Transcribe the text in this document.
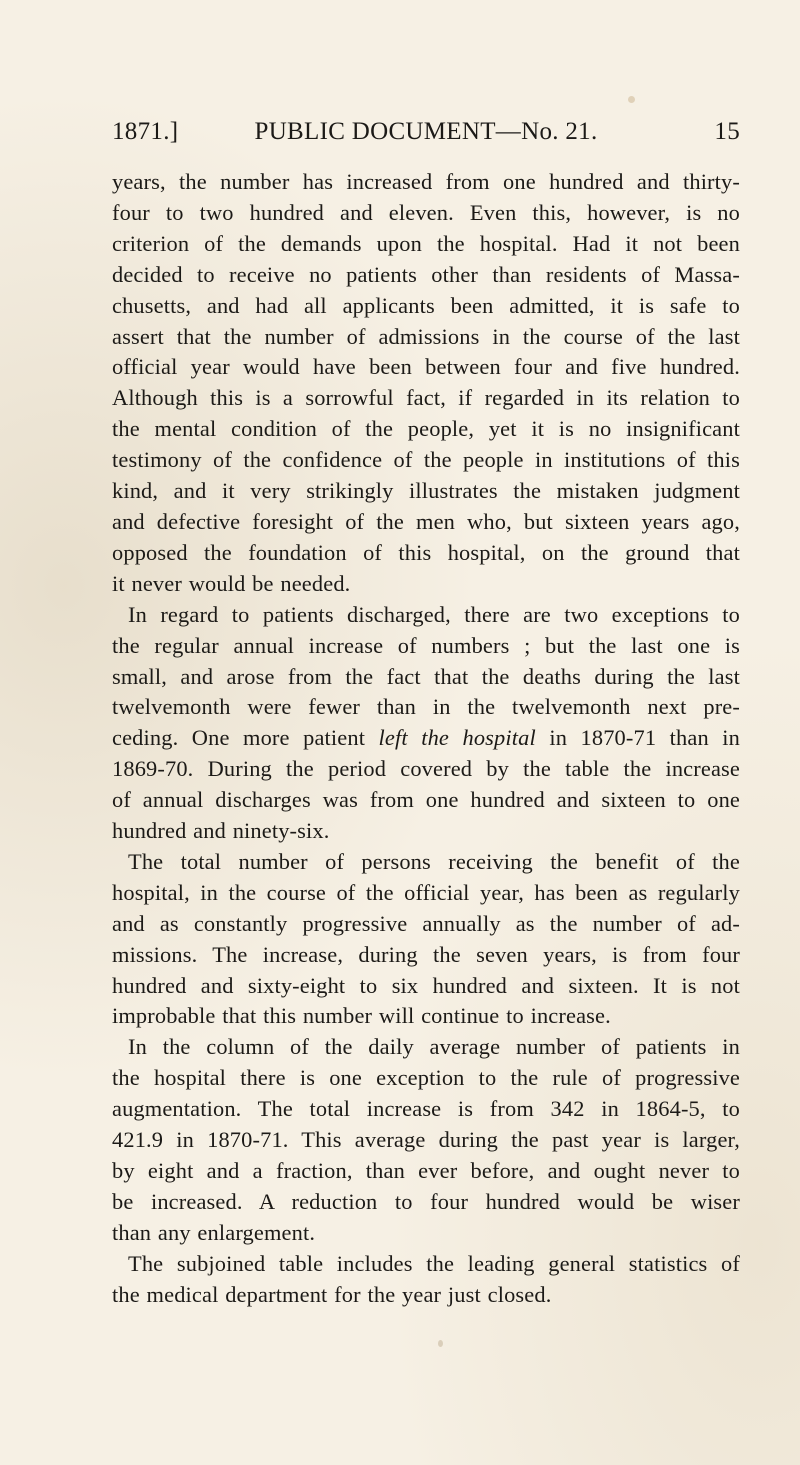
1871.]	PUBLIC DOCUMENT—No. 21.	15

years, the number has increased from one hundred and thirty-
four to two hundred and eleven. Even this, however, is no
criterion of the demands upon the hospital. Had it not been
decided to receive no patients other than residents of Massa-
chusetts, and had all applicants been admitted, it is safe to
assert that the number of admissions in the course of the last
official year would have been between four and five hundred.
Although this is a sorrowful fact, if regarded in its relation to
the mental condition of the people, yet it is no insignificant
testimony of the confidence of the people in institutions of this
kind, and it very strikingly illustrates the mistaken judgment
and defective foresight of the men who, but sixteen years ago,
opposed the foundation of this hospital, on the ground that
it never would be needed.

In regard to patients discharged, there are two exceptions to
the regular annual increase of numbers ; but the last one is
small, and arose from the fact that the deaths during the last
twelvemonth were fewer than in the twelvemonth next pre-
ceding. One more patient left the hospital in 1870-71 than in
1869-70. During the period covered by the table the increase
of annual discharges was from one hundred and sixteen to one
hundred and ninety-six.

The total number of persons receiving the benefit of the
hospital, in the course of the official year, has been as regularly
and as constantly progressive annually as the number of ad-
missions. The increase, during the seven years, is from four
hundred and sixty-eight to six hundred and sixteen. It is not
improbable that this number will continue to increase.

In the column of the daily average number of patients in
the hospital there is one exception to the rule of progressive
augmentation. The total increase is from 342 in 1864-5, to
421.9 in 1870-71. This average during the past year is larger,
by eight and a fraction, than ever before, and ought never to
be increased. A reduction to four hundred would be wiser
than any enlargement.

The subjoined table includes the leading general statistics of
the medical department for the year just closed.
